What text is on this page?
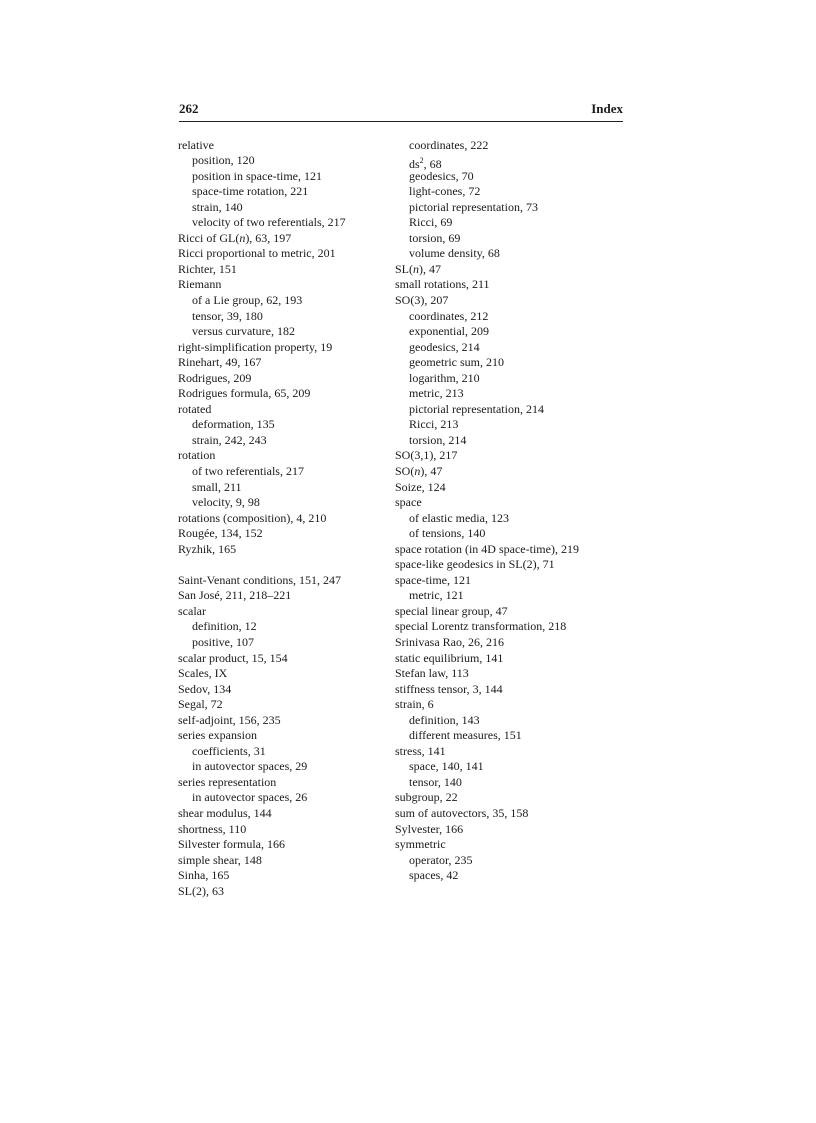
262	Index
relative
position, 120
position in space-time, 121
space-time rotation, 221
strain, 140
velocity of two referentials, 217
Ricci of GL(n), 63, 197
Ricci proportional to metric, 201
Richter, 151
Riemann
of a Lie group, 62, 193
tensor, 39, 180
versus curvature, 182
right-simplification property, 19
Rinehart, 49, 167
Rodrigues, 209
Rodrigues formula, 65, 209
rotated
deformation, 135
strain, 242, 243
rotation
of two referentials, 217
small, 211
velocity, 9, 98
rotations (composition), 4, 210
Rougée, 134, 152
Ryzhik, 165
Saint-Venant conditions, 151, 247
San José, 211, 218–221
scalar
definition, 12
positive, 107
scalar product, 15, 154
Scales, IX
Sedov, 134
Segal, 72
self-adjoint, 156, 235
series expansion
coefficients, 31
in autovector spaces, 29
series representation
in autovector spaces, 26
shear modulus, 144
shortness, 110
Silvester formula, 166
simple shear, 148
Sinha, 165
SL(2), 63
coordinates, 222
$ds^2$, 68
geodesics, 70
light-cones, 72
pictorial representation, 73
Ricci, 69
torsion, 69
volume density, 68
SL(n), 47
small rotations, 211
SO(3), 207
coordinates, 212
exponential, 209
geodesics, 214
geometric sum, 210
logarithm, 210
metric, 213
pictorial representation, 214
Ricci, 213
torsion, 214
SO(3,1), 217
SO(n), 47
Soize, 124
space
of elastic media, 123
of tensions, 140
space rotation (in 4D space-time), 219
space-like geodesics in SL(2), 71
space-time, 121
metric, 121
special linear group, 47
special Lorentz transformation, 218
Srinivasa Rao, 26, 216
static equilibrium, 141
Stefan law, 113
stiffness tensor, 3, 144
strain, 6
definition, 143
different measures, 151
stress, 141
space, 140, 141
tensor, 140
subgroup, 22
sum of autovectors, 35, 158
Sylvester, 166
symmetric
operator, 235
spaces, 42
